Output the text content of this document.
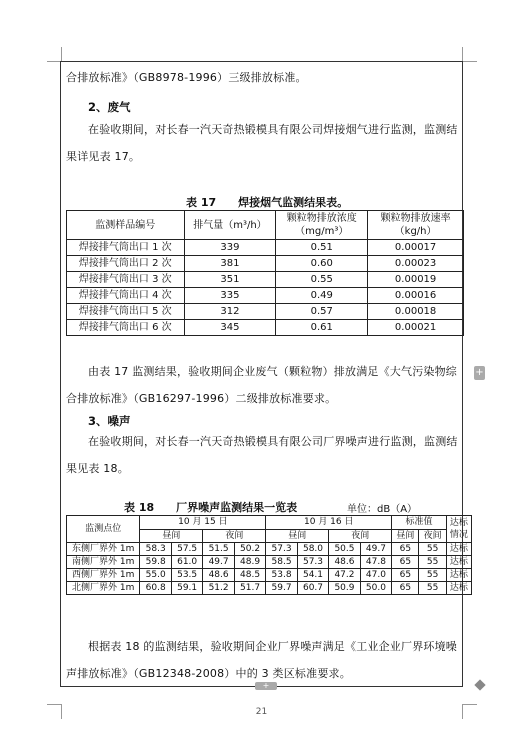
合排放标准》（GB8978-1996）三级排放标准。
2、废气
在验收期间，对长春一汽天奇热锻模具有限公司焊接烟气进行监测，监测结果详见表 17。
表 17　　焊接烟气监测结果表。
监测样品编号	排气量（m³/h）	颗粒物排放浓度（mg/m³）	颗粒物排放速率（kg/h）
焊接排气筒出口 1 次	339	0.51	0.00017
焊接排气筒出口 2 次	381	0.60	0.00023
焊接排气筒出口 3 次	351	0.55	0.00019
焊接排气筒出口 4 次	335	0.49	0.00016
焊接排气筒出口 5 次	312	0.57	0.00018
焊接排气筒出口 6 次	345	0.61	0.00021
由表 17 监测结果，验收期间企业废气（颗粒物）排放满足《大气污染物综合排放标准》（GB16297-1996）二级排放标准要求。
3、噪声
在验收期间，对长春一汽天奇热锻模具有限公司厂界噪声进行监测，监测结果见表 18。
表 18　　厂界噪声监测结果一览表	单位：dB（A）
监测点位	10 月 15 日				10 月 16 日				标准值		达标情况
	昼间		夜间		昼间		夜间		昼间	夜间	
东侧厂界外 1m	58.3	57.5	51.5	50.2	57.3	58.0	50.5	49.7	65	55	达标
南侧厂界外 1m	59.8	61.0	49.7	48.9	58.5	57.3	48.6	47.8	65	55	达标
西侧厂界外 1m	55.0	53.5	48.6	48.5	53.8	54.1	47.2	47.0	65	55	达标
北侧厂界外 1m	60.8	59.1	51.2	51.7	59.7	60.7	50.9	50.0	65	55	达标
根据表 18 的监测结果，验收期间企业厂界噪声满足《工业企业厂界环境噪声排放标准》（GB12348-2008）中的 3 类区标准要求。
+
+
21
